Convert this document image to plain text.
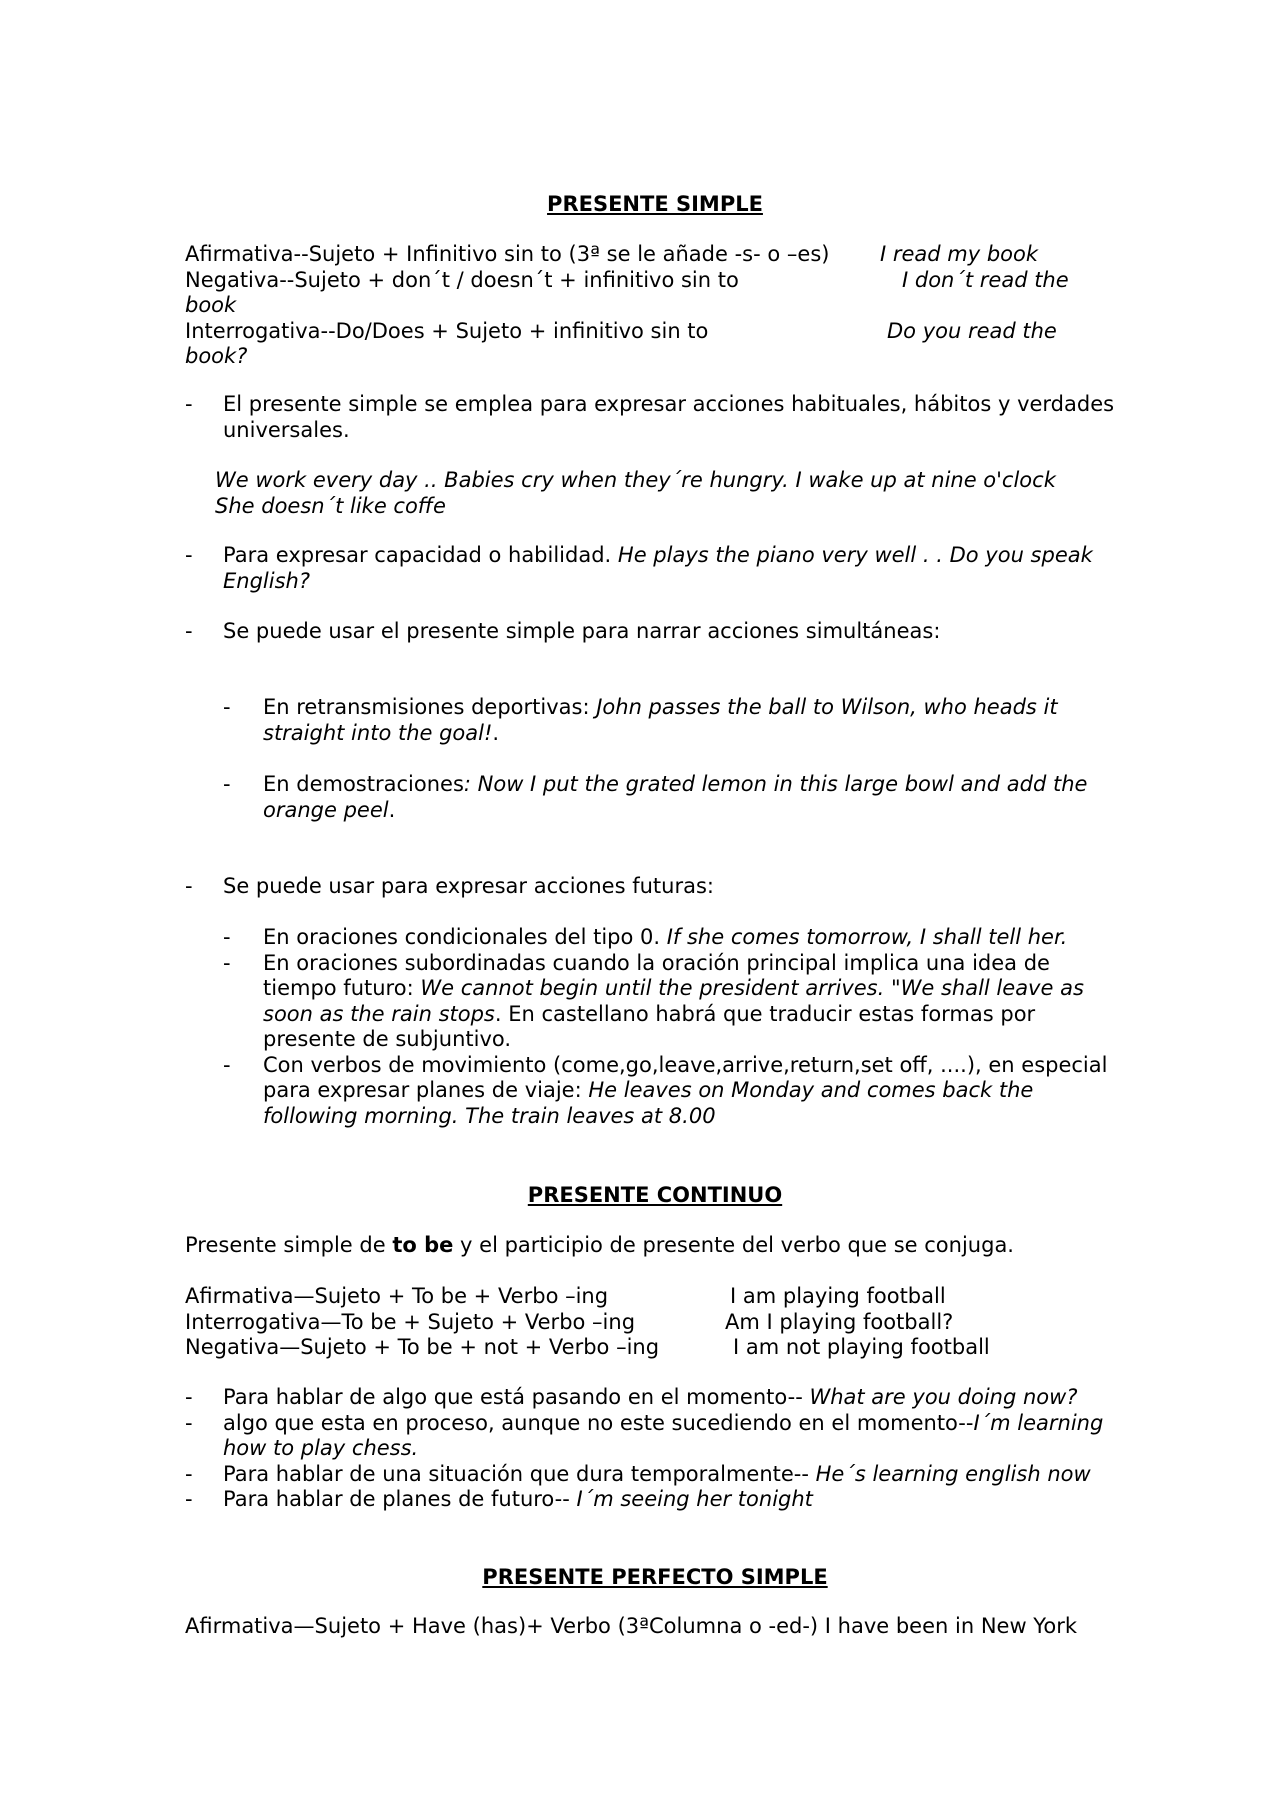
PRESENTE SIMPLE
Afirmativa--Sujeto + Infinitivo sin to (3ª se le añade -s- o –es) I read my book
Negativa--Sujeto + don´t / doesn´t + infinitivo sin to	I don´t read the
book
Interrogativa--Do/Does + Sujeto + infinitivo sin to	Do you read the
book?
- El presente simple se emplea para expresar acciones habituales, hábitos y verdades universales.
We work every day .. Babies cry when they´re hungry. I wake up at nine o'clock
She doesn´t like coffe
- Para expresar capacidad o habilidad. He plays the piano very well . . Do you speak English?
- Se puede usar el presente simple para narrar acciones simultáneas:
- En retransmisiones deportivas: John passes the ball to Wilson, who heads it straight into the goal!.
- En demostraciones: Now I put the grated lemon in this large bowl and add the orange peel.
- Se puede usar para expresar acciones futuras:
- En oraciones condicionales del tipo 0. If she comes tomorrow, I shall tell her.
- En oraciones subordinadas cuando la oración principal implica una idea de tiempo futuro: We cannot begin until the president arrives. "We shall leave as soon as the rain stops. En castellano habrá que traducir estas formas por presente de subjuntivo.
- Con verbos de movimiento (come,go,leave,arrive,return,set off, ....), en especial para expresar planes de viaje: He leaves on Monday and comes back the following morning. The train leaves at 8.00
PRESENTE CONTINUO
Presente simple de to be y el participio de presente del verbo que se conjuga.
Afirmativa—Sujeto + To be + Verbo –ing	I am playing football
Interrogativa—To be + Sujeto + Verbo –ing	Am I playing football?
Negativa—Sujeto + To be + not + Verbo –ing	I am not playing football
- Para hablar de algo que está pasando en el momento-- What are you doing now?
- algo que esta en proceso, aunque no este sucediendo en el momento--I´m learning how to play chess.
- Para hablar de una situación que dura temporalmente-- He´s learning english now
- Para hablar de planes de futuro-- I´m seeing her tonight
PRESENTE PERFECTO SIMPLE
Afirmativa—Sujeto + Have (has)+ Verbo (3ªColumna o -ed-) I have been in New York
